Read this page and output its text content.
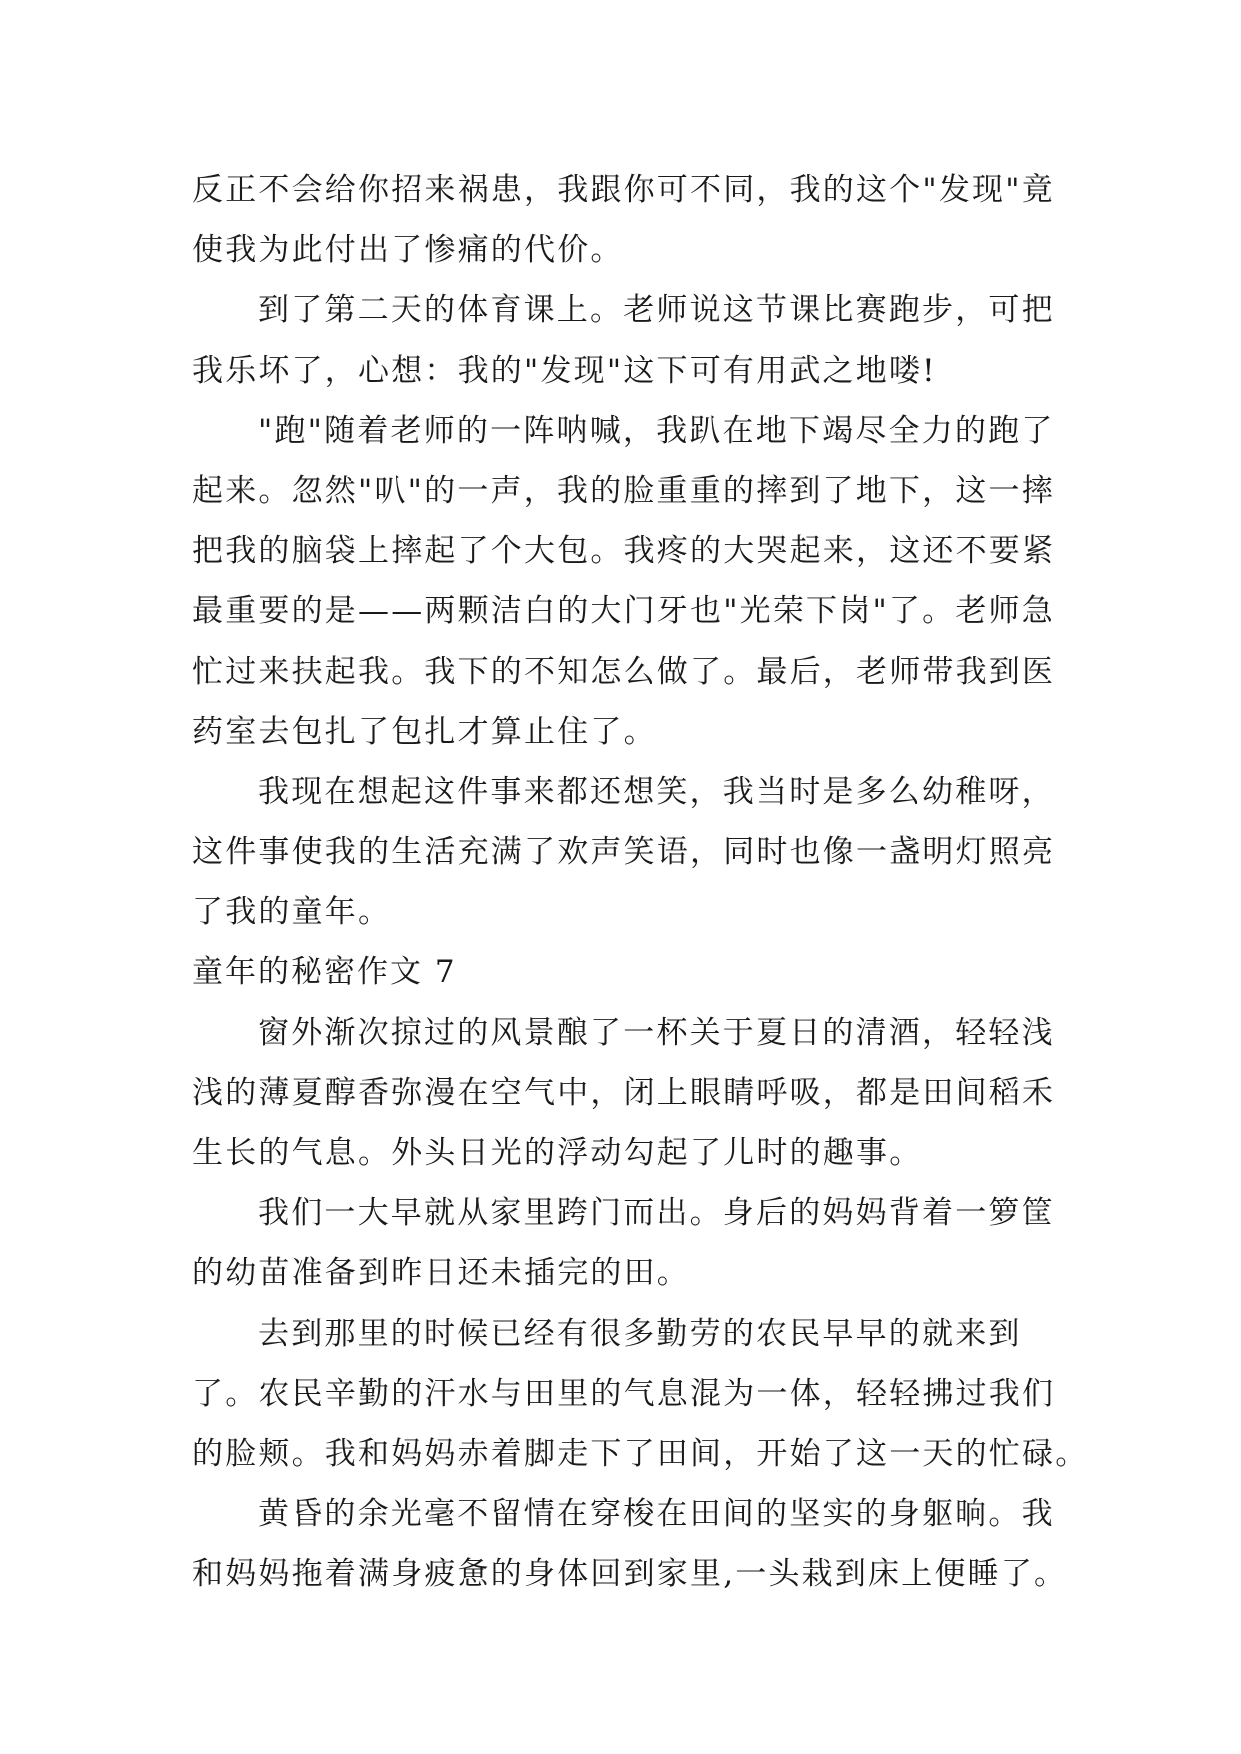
反正不会给你招来祸患，我跟你可不同，我的这个"发现"竟
使我为此付出了惨痛的代价。
到了第二天的体育课上。老师说这节课比赛跑步，可把
我乐坏了，心想：我的"发现"这下可有用武之地喽!
"跑"随着老师的一阵呐喊，我趴在地下竭尽全力的跑了
起来。忽然"叭"的一声，我的脸重重的摔到了地下，这一摔
把我的脑袋上摔起了个大包。我疼的大哭起来，这还不要紧
最重要的是——两颗洁白的大门牙也"光荣下岗"了。老师急
忙过来扶起我。我下的不知怎么做了。最后，老师带我到医
药室去包扎了包扎才算止住了。
我现在想起这件事来都还想笑，我当时是多么幼稚呀，
这件事使我的生活充满了欢声笑语，同时也像一盏明灯照亮
了我的童年。
童年的秘密作文 7
窗外渐次掠过的风景酿了一杯关于夏日的清酒，轻轻浅
浅的薄夏醇香弥漫在空气中，闭上眼睛呼吸，都是田间稻禾
生长的气息。外头日光的浮动勾起了儿时的趣事。
我们一大早就从家里跨门而出。身后的妈妈背着一箩筐
的幼苗准备到昨日还未插完的田。
去到那里的时候已经有很多勤劳的农民早早的就来到
了。农民辛勤的汗水与田里的气息混为一体，轻轻拂过我们
的脸颊。我和妈妈赤着脚走下了田间，开始了这一天的忙碌。
黄昏的余光毫不留情在穿梭在田间的坚实的身躯晌。我
和妈妈拖着满身疲惫的身体回到家里,一头栽到床上便睡了。
